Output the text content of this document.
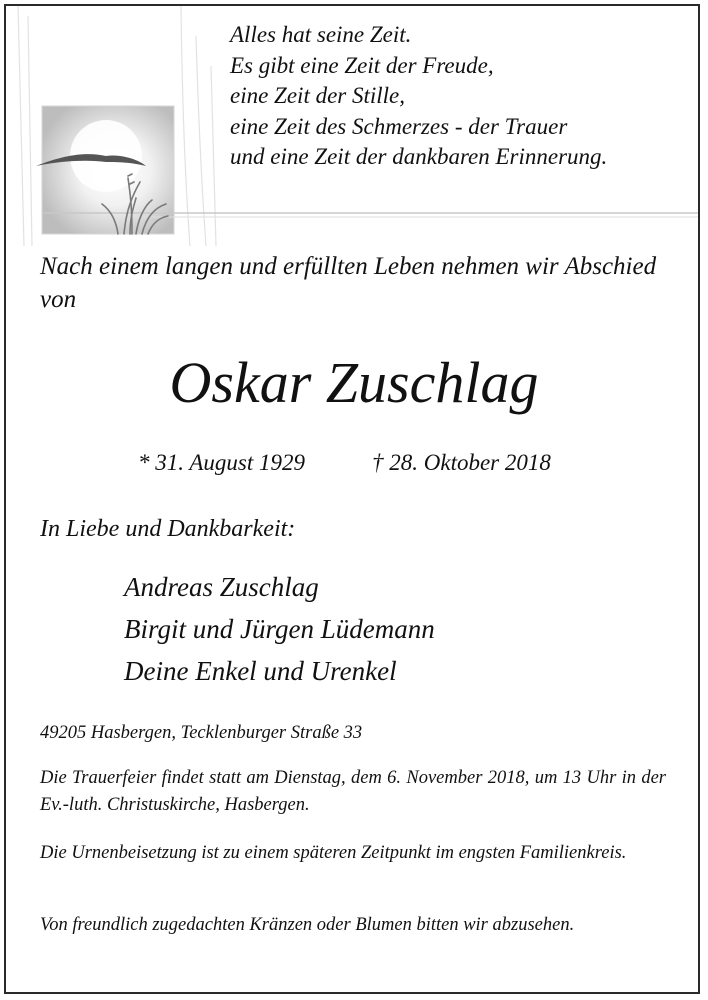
Alles hat seine Zeit.
Es gibt eine Zeit der Freude,
eine Zeit der Stille,
eine Zeit des Schmerzes - der Trauer
und eine Zeit der dankbaren Erinnerung.
Nach einem langen und erfüllten Leben nehmen wir Abschied von
Oskar Zuschlag
* 31. August 1929	† 28. Oktober 2018
In Liebe und Dankbarkeit:
Andreas Zuschlag
Birgit und Jürgen Lüdemann
Deine Enkel und Urenkel
49205 Hasbergen, Tecklenburger Straße 33
Die Trauerfeier findet statt am Dienstag, dem 6. November 2018, um 13 Uhr in der Ev.-luth. Christuskirche, Hasbergen.
Die Urnenbeisetzung ist zu einem späteren Zeitpunkt im engsten Familienkreis.
Von freundlich zugedachten Kränzen oder Blumen bitten wir abzusehen.
